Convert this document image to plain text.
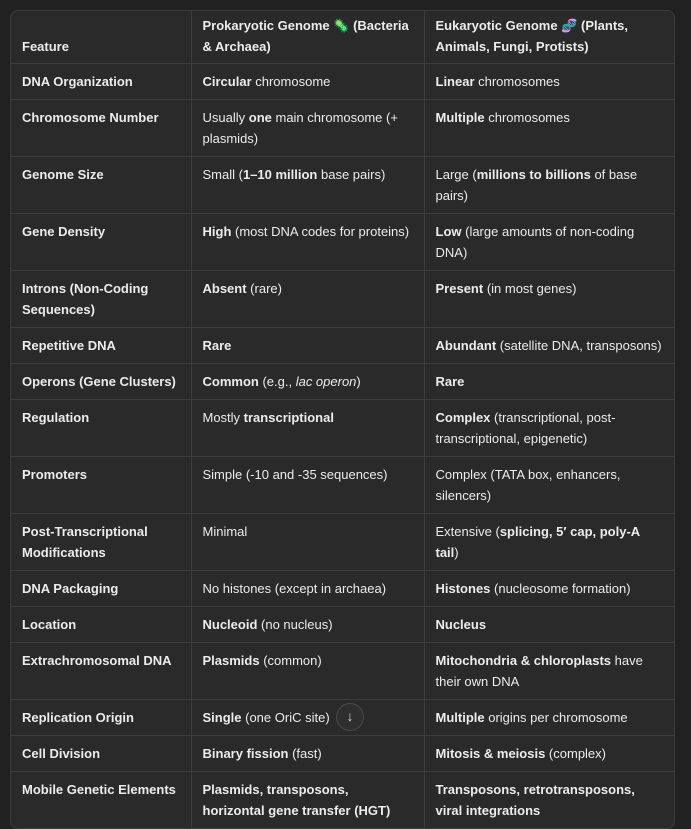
Feature	Prokaryotic Genome 🦠 (Bacteria & Archaea)	Eukaryotic Genome 🧬 (Plants, Animals, Fungi, Protists)
DNA Organization	Circular chromosome	Linear chromosomes
Chromosome Number	Usually one main chromosome (+ plasmids)	Multiple chromosomes
Genome Size	Small (1–10 million base pairs)	Large (millions to billions of base pairs)
Gene Density	High (most DNA codes for proteins)	Low (large amounts of non-coding DNA)
Introns (Non-Coding Sequences)	Absent (rare)	Present (in most genes)
Repetitive DNA	Rare	Abundant (satellite DNA, transposons)
Operons (Gene Clusters)	Common (e.g., lac operon)	Rare
Regulation	Mostly transcriptional	Complex (transcriptional, post-transcriptional, epigenetic)
Promoters	Simple (-10 and -35 sequences)	Complex (TATA box, enhancers, silencers)
Post-Transcriptional Modifications	Minimal	Extensive (splicing, 5′ cap, poly-A tail)
DNA Packaging	No histones (except in archaea)	Histones (nucleosome formation)
Location	Nucleoid (no nucleus)	Nucleus
Extrachromosomal DNA	Plasmids (common)	Mitochondria & chloroplasts have their own DNA
Replication Origin	Single (one OriC site)	Multiple origins per chromosome
Cell Division	Binary fission (fast)	Mitosis & meiosis (complex)
Mobile Genetic Elements	Plasmids, transposons, horizontal gene transfer (HGT)	Transposons, retrotransposons, viral integrations
↓
